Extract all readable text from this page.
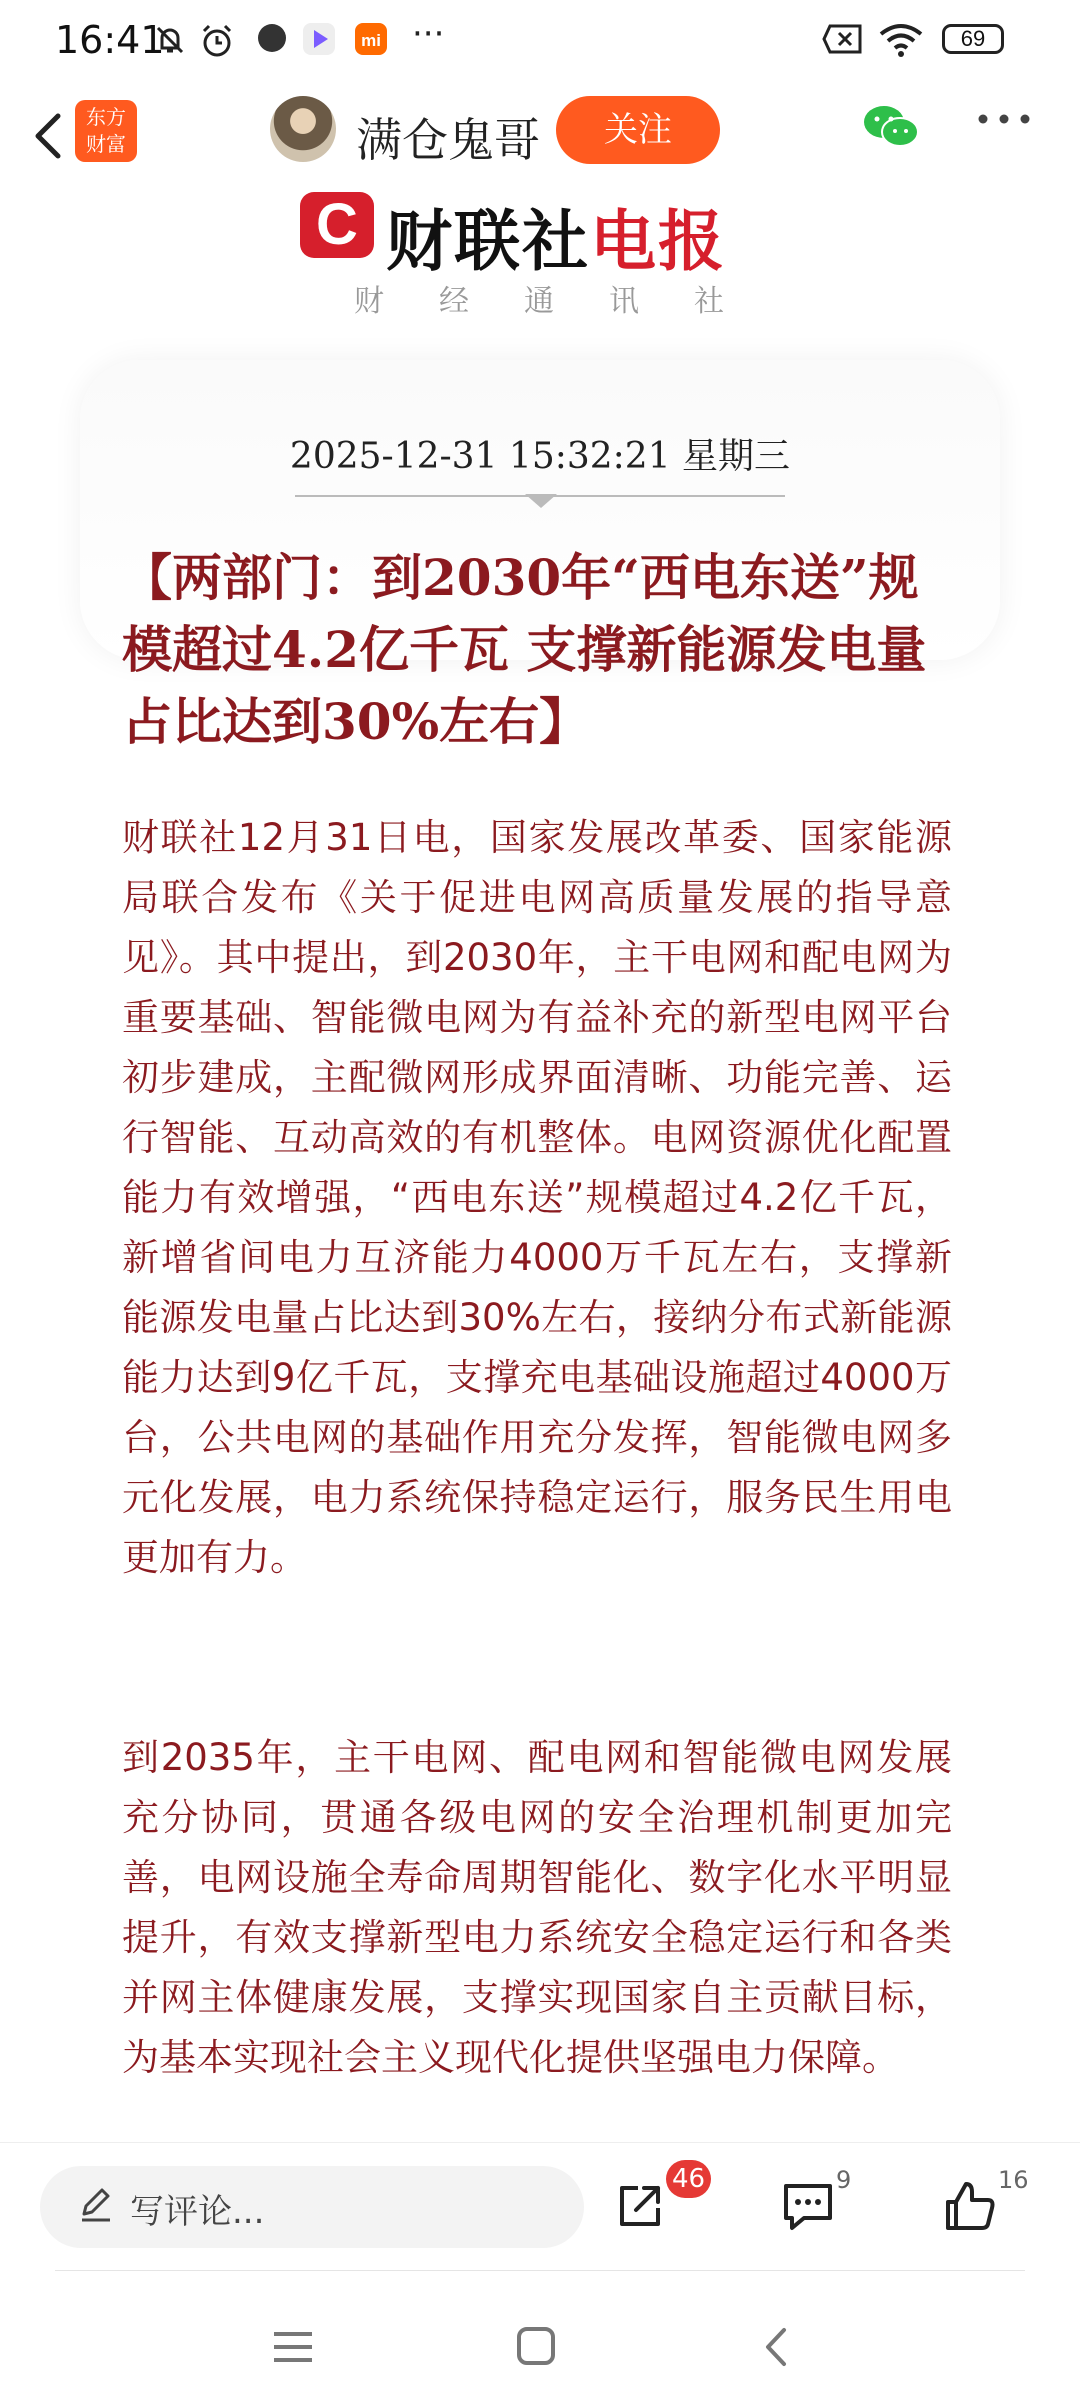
16:41	mi ···	69
东方
财富	满仓鬼哥	关注
C 财联社电报
财经通讯社
2025-12-31 15:32:21 星期三
【两部门：到2030年“西电东送”规模超过4.2亿千瓦 支撑新能源发电量占比达到30%左右】
财联社12月31日电，国家发展改革委、国家能源局联合发布《关于促进电网高质量发展的指导意见》。其中提出，到2030年，主干电网和配电网为重要基础、智能微电网为有益补充的新型电网平台初步建成，主配微网形成界面清晰、功能完善、运行智能、互动高效的有机整体。电网资源优化配置能力有效增强，“西电东送”规模超过4.2亿千瓦，新增省间电力互济能力4000万千瓦左右，支撑新能源发电量占比达到30%左右，接纳分布式新能源能力达到9亿千瓦，支撑充电基础设施超过4000万台，公共电网的基础作用充分发挥，智能微电网多元化发展，电力系统保持稳定运行，服务民生用电更加有力。
到2035年，主干电网、配电网和智能微电网发展充分协同，贯通各级电网的安全治理机制更加完善，电网设施全寿命周期智能化、数字化水平明显提升，有效支撑新型电力系统安全稳定运行和各类并网主体健康发展，支撑实现国家自主贡献目标，为基本实现社会主义现代化提供坚强电力保障。
写评论...
46	9	16
